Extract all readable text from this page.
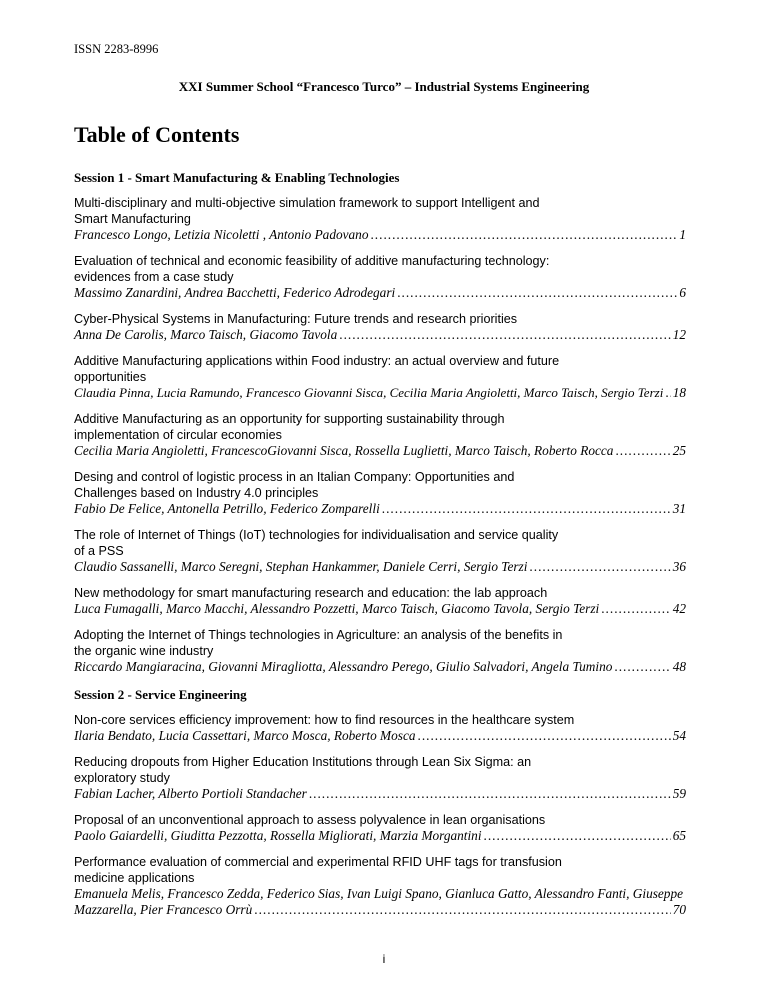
ISSN 2283-8996
XXI Summer School “Francesco Turco” – Industrial Systems Engineering
Table of Contents
Session 1 - Smart Manufacturing & Enabling Technologies
Multi-disciplinary and multi-objective simulation framework to support Intelligent and
Smart Manufacturing
Francesco Longo, Letizia Nicoletti , Antonio Padovano .....	1
Evaluation of technical and economic feasibility of additive manufacturing technology:
evidences from a case study
Massimo Zanardini, Andrea Bacchetti, Federico Adrodegari .....	6
Cyber-Physical Systems in Manufacturing: Future trends and research priorities
Anna De Carolis, Marco Taisch, Giacomo Tavola .....	12
Additive Manufacturing applications within Food industry: an actual overview and future
opportunities
Claudia Pinna, Lucia Ramundo, Francesco Giovanni Sisca, Cecilia Maria Angioletti, Marco Taisch, Sergio Terzi ..... 18
Additive Manufacturing as an opportunity for supporting sustainability through
implementation of circular economies
Cecilia Maria Angioletti, FrancescoGiovanni Sisca, Rossella Luglietti, Marco Taisch, Roberto Rocca .....	25
Desing and control of logistic process in an Italian Company: Opportunities and
Challenges based on Industry 4.0 principles
Fabio De Felice, Antonella Petrillo, Federico Zomparelli .....	31
The role of Internet of Things (IoT) technologies for individualisation and service quality
of a PSS
Claudio Sassanelli, Marco Seregni, Stephan Hankammer, Daniele Cerri, Sergio Terzi .....	36
New methodology for smart manufacturing research and education: the lab approach
Luca Fumagalli, Marco Macchi, Alessandro Pozzetti, Marco Taisch, Giacomo Tavola, Sergio Terzi .....	42
Adopting the Internet of Things technologies in Agriculture: an analysis of the benefits in
the organic wine industry
Riccardo Mangiaracina, Giovanni Miragliotta, Alessandro Perego, Giulio Salvadori, Angela Tumino .....	48
Session 2 - Service Engineering
Non-core services efficiency improvement: how to find resources in the healthcare system
Ilaria Bendato, Lucia Cassettari, Marco Mosca, Roberto Mosca .....	54
Reducing dropouts from Higher Education Institutions through Lean Six Sigma: an
exploratory study
Fabian Lacher, Alberto Portioli Standacher .....	59
Proposal of an unconventional approach to assess polyvalence in lean organisations
Paolo Gaiardelli, Giuditta Pezzotta, Rossella Migliorati, Marzia Morgantini .....	65
Performance evaluation of commercial and experimental RFID UHF tags for transfusion
medicine applications
Emanuela Melis, Francesco Zedda, Federico Sias, Ivan Luigi Spano, Gianluca Gatto, Alessandro Fanti, Giuseppe
Mazzarella, Pier Francesco Orrù .....	70
i
